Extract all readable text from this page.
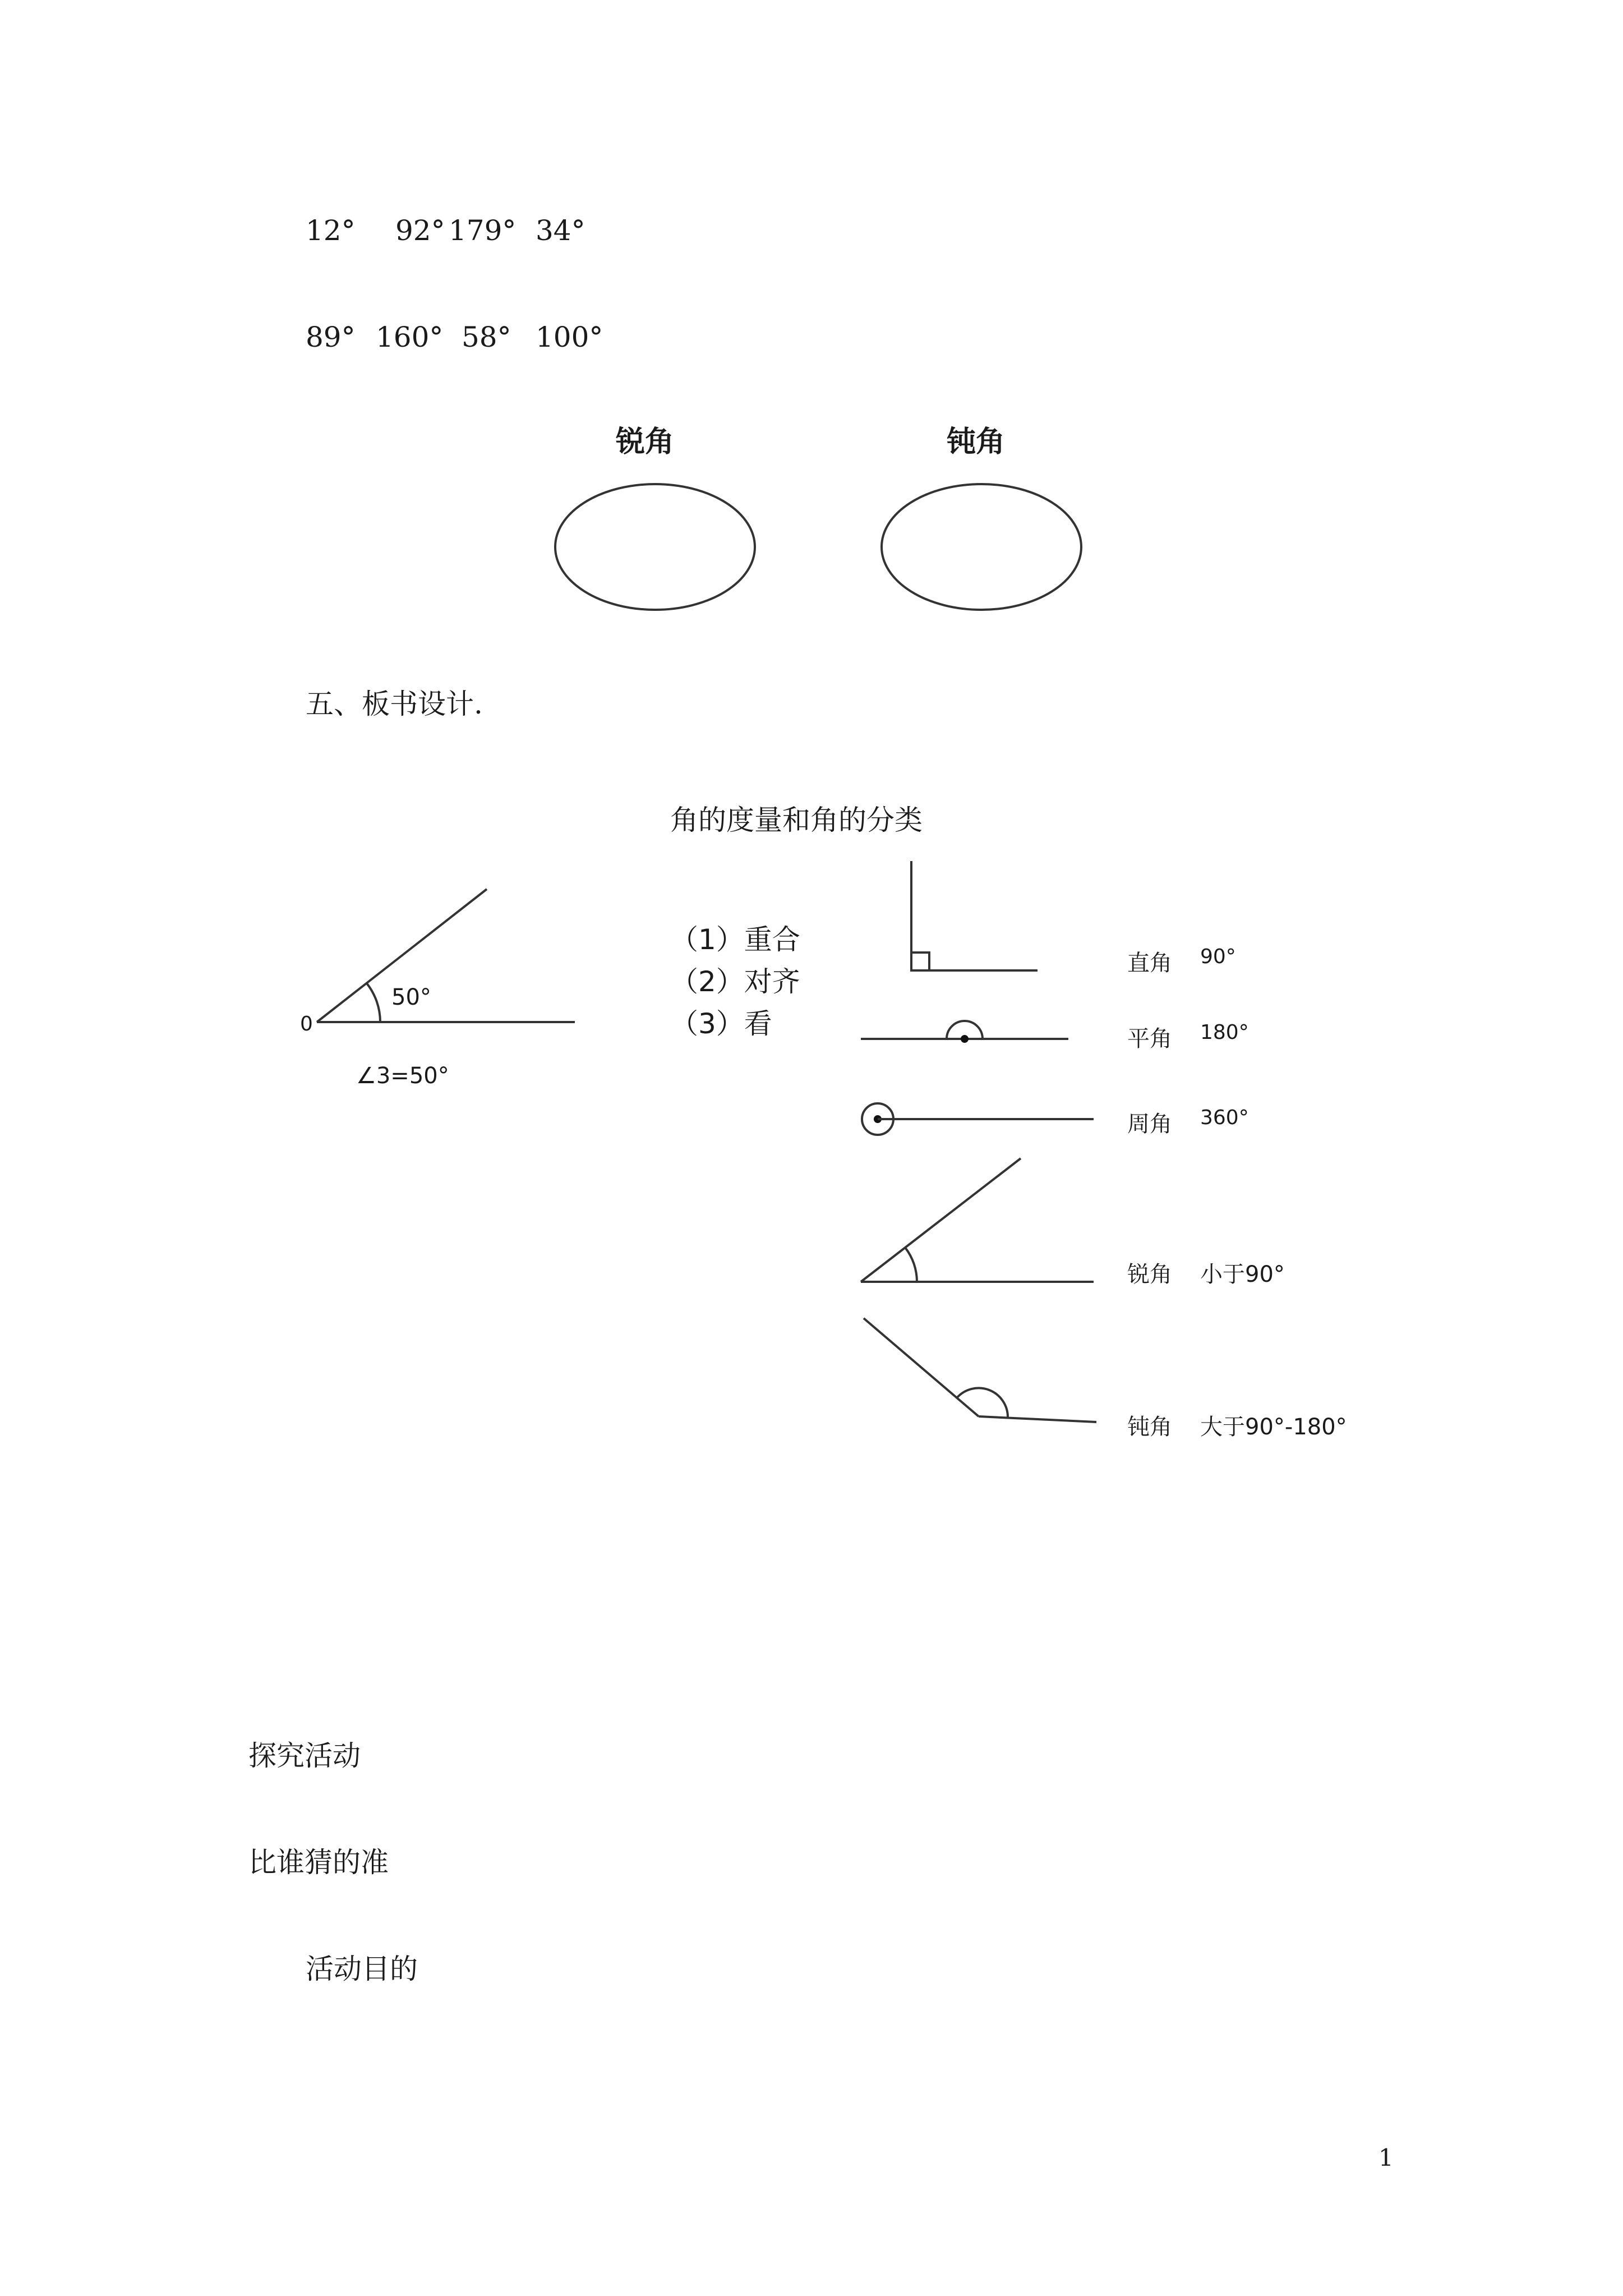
12° 92° 179° 34°
89° 160° 58° 100°
锐角	钝角
五、板书设计.
角的度量和角的分类
0
50°
∠3=50°
（1）重合
（2）对齐
（3）看
直角 90°
平角 180°
周角 360°
锐角 小于90°
钝角 大于90°-180°
探究活动
比谁猜的准
活动目的
1
